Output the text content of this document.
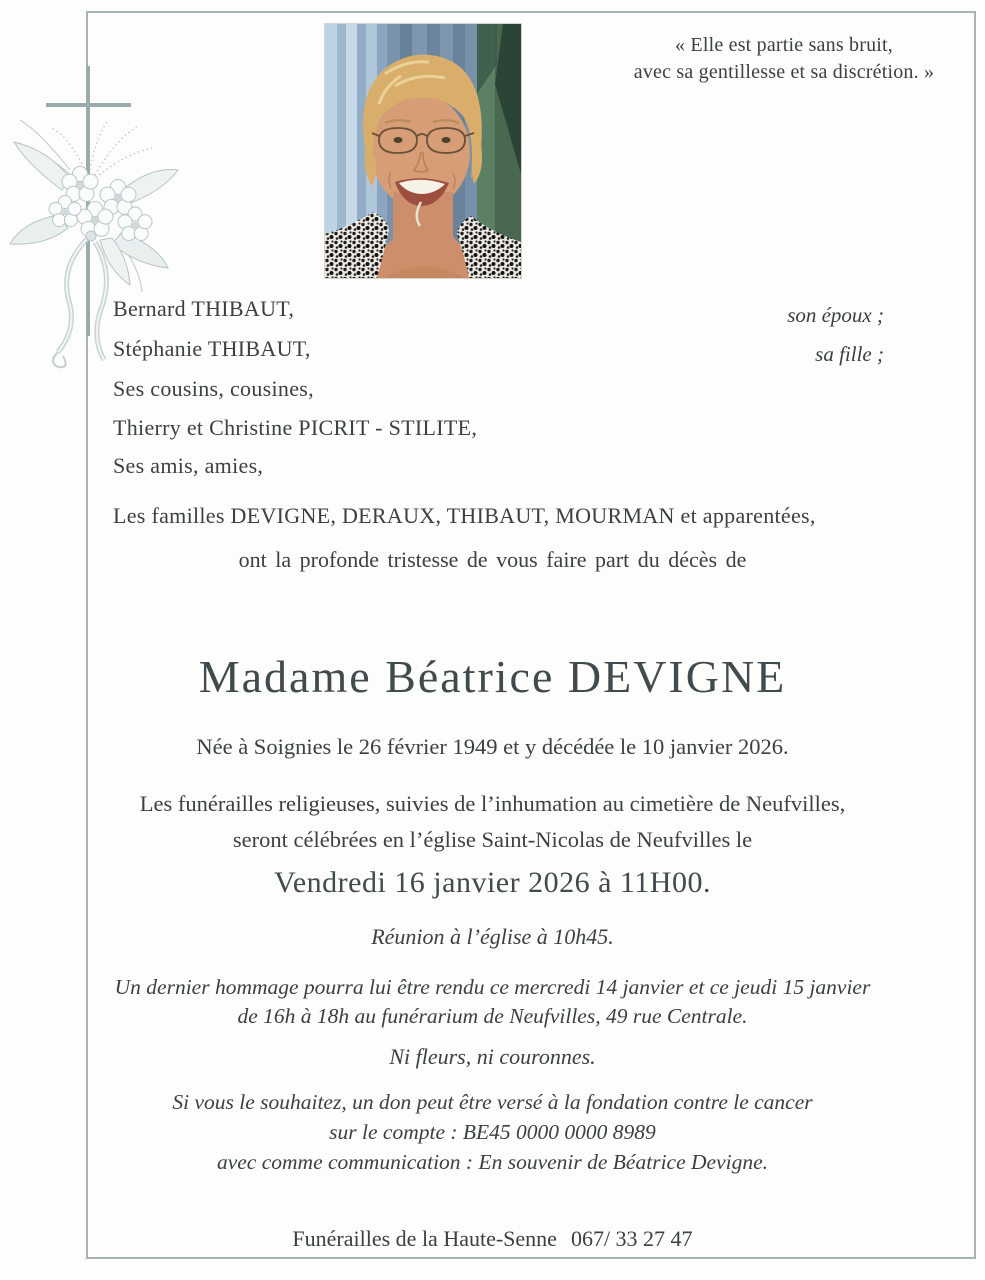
« Elle est partie sans bruit,
avec sa gentillesse et sa discrétion. »
Bernard THIBAUT,
Stéphanie THIBAUT,
Ses cousins, cousines,
Thierry et Christine PICRIT - STILITE,
Ses amis, amies,
son époux ;
sa fille ;
Les familles DEVIGNE, DERAUX, THIBAUT, MOURMAN et apparentées,
ont la profonde tristesse de vous faire part du décès de
Madame Béatrice DEVIGNE
Née à Soignies le 26 février 1949 et y décédée le 10 janvier 2026.
Les funérailles religieuses, suivies de l’inhumation au cimetière de Neufvilles,
seront célébrées en l’église Saint-Nicolas de Neufvilles le
Vendredi 16 janvier 2026 à 11H00.
Réunion à l’église à 10h45.
Un dernier hommage pourra lui être rendu ce mercredi 14 janvier et ce jeudi 15 janvier
de 16h à 18h au funérarium de Neufvilles, 49 rue Centrale.
Ni fleurs, ni couronnes.
Si vous le souhaitez, un don peut être versé à la fondation contre le cancer
sur le compte : BE45 0000 0000 8989
avec comme communication : En souvenir de Béatrice Devigne.
Funérailles de la Haute-Senne 067/ 33 27 47
